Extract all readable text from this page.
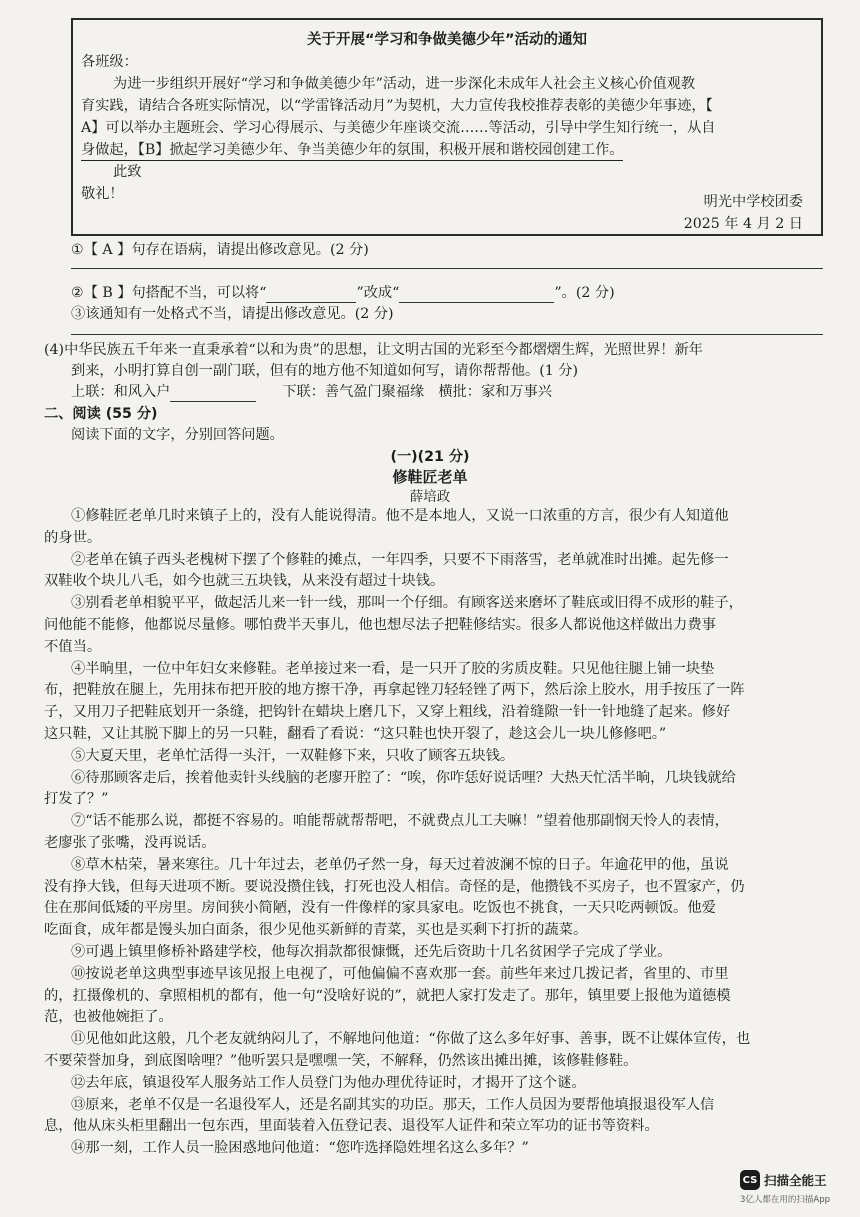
关于开展“学习和争做美德少年”活动的通知
各班级：
为进一步组织开展好“学习和争做美德少年”活动，进一步深化未成年人社会主义核心价值观教
育实践，请结合各班实际情况，以“学雷锋活动月”为契机，大力宣传我校推荐表彰的美德少年事迹，【
A】可以举办主题班会、学习心得展示、与美德少年座谈交流……等活动，引导中学生知行统一，从自
身做起，【B】掀起学习美德少年、争当美德少年的氛围，积极开展和谐校园创建工作。
此致
敬礼！	明光中学校团委
2025 年 4 月 2 日
①【 A 】句存在语病，请提出修改意见。(2 分)
②【 B 】句搭配不当，可以将“	”改成“	”。(2 分)
③该通知有一处格式不当，请提出修改意见。(2 分)
(4)中华民族五千年来一直秉承着“以和为贵”的思想，让文明古国的光彩至今都熠熠生辉，光照世界！新年
到来，小明打算自创一副门联，但有的地方他不知道如何写，请你帮帮他。(1 分)
上联：和风入户	下联：善气盈门聚福缘　横批：家和万事兴
二、阅读 (55 分)
阅读下面的文字，分别回答问题。
(一)(21 分)
修鞋匠老单
薛培政
①修鞋匠老单几时来镇子上的，没有人能说得清。他不是本地人，又说一口浓重的方言，很少有人知道他
的身世。
②老单在镇子西头老槐树下摆了个修鞋的摊点，一年四季，只要不下雨落雪，老单就准时出摊。起先修一
双鞋收个块儿八毛，如今也就三五块钱，从来没有超过十块钱。
③别看老单相貌平平，做起活儿来一针一线，那叫一个仔细。有顾客送来磨坏了鞋底或旧得不成形的鞋子，
问他能不能修，他都说尽量修。哪怕费半天事儿，他也想尽法子把鞋修结实。很多人都说他这样做出力费事
不值当。
④半晌里，一位中年妇女来修鞋。老单接过来一看，是一只开了胶的劣质皮鞋。只见他往腿上铺一块垫
布，把鞋放在腿上，先用抹布把开胶的地方擦干净，再拿起锉刀轻轻锉了两下，然后涂上胶水，用手按压了一阵
子，又用刀子把鞋底划开一条缝，把钩针在蜡块上磨几下，又穿上粗线，沿着缝隙一针一针地缝了起来。修好
这只鞋，又让其脱下脚上的另一只鞋，翻看了看说：“这只鞋也快开裂了，趁这会儿一块儿修修吧。”
⑤大夏天里，老单忙活得一头汗，一双鞋修下来，只收了顾客五块钱。
⑥待那顾客走后，挨着他卖针头线脑的老廖开腔了：“唉，你咋恁好说话哩？大热天忙活半晌，几块钱就给
打发了？”
⑦“话不能那么说，都挺不容易的。咱能帮就帮帮吧，不就费点儿工夫嘛！”望着他那副悯天怜人的表情，
老廖张了张嘴，没再说话。
⑧草木枯荣，暑来寒往。几十年过去，老单仍孑然一身，每天过着波澜不惊的日子。年逾花甲的他，虽说
没有挣大钱，但每天进项不断。要说没攒住钱，打死也没人相信。奇怪的是，他攒钱不买房子，也不置家产，仍
住在那间低矮的平房里。房间狭小简陋，没有一件像样的家具家电。吃饭也不挑食，一天只吃两顿饭。他爱
吃面食，成年都是馒头加白面条，很少见他买新鲜的青菜，买也是买剩下打折的蔬菜。
⑨可遇上镇里修桥补路建学校，他每次捐款都很慷慨，还先后资助十几名贫困学子完成了学业。
⑩按说老单这典型事迹早该见报上电视了，可他偏偏不喜欢那一套。前些年来过几拨记者，省里的、市里
的，扛摄像机的、拿照相机的都有，他一句“没啥好说的”，就把人家打发走了。那年，镇里要上报他为道德模
范，也被他婉拒了。
⑪见他如此这般，几个老友就纳闷儿了，不解地问他道：“你做了这么多年好事、善事，既不让媒体宣传，也
不要荣誉加身，到底图啥哩？”他听罢只是嘿嘿一笑，不解释，仍然该出摊出摊，该修鞋修鞋。
⑫去年底，镇退役军人服务站工作人员登门为他办理优待证时，才揭开了这个谜。
⑬原来，老单不仅是一名退役军人，还是名副其实的功臣。那天，工作人员因为要帮他填报退役军人信
息，他从床头柜里翻出一包东西，里面装着入伍登记表、退役军人证件和荣立军功的证书等资料。
⑭那一刻，工作人员一脸困惑地问他道：“您咋选择隐姓埋名这么多年？”
CS 扫描全能王
3亿人都在用的扫描App
